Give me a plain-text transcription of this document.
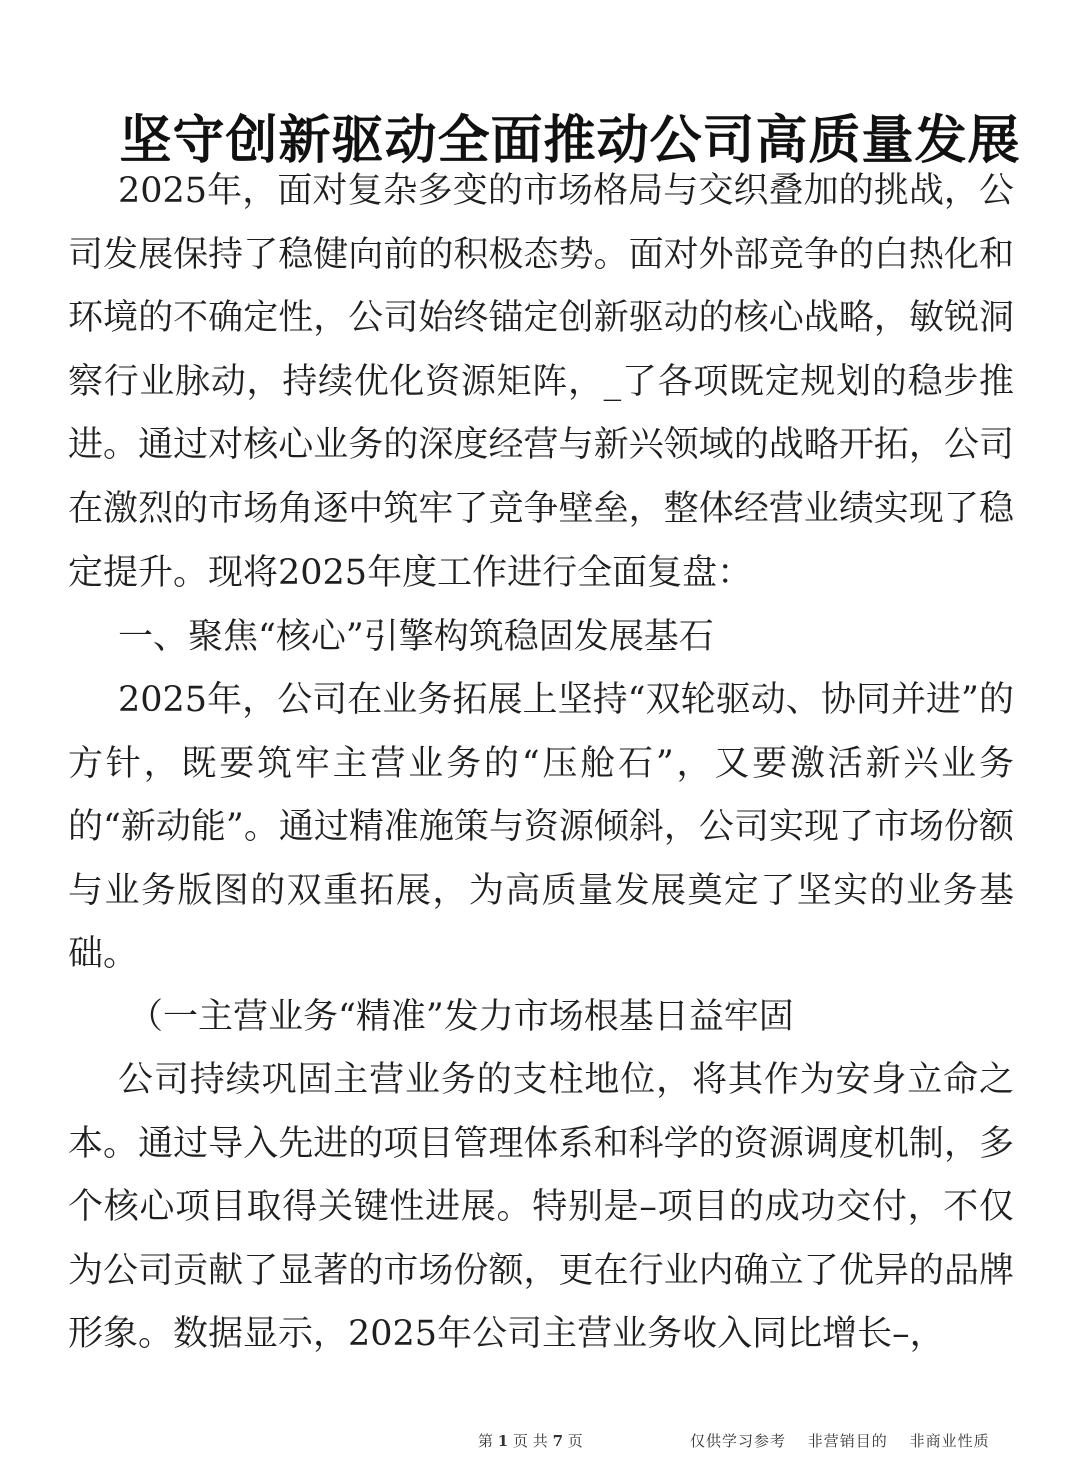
坚守创新驱动全面推动公司高质量发展

2025年，面对复杂多变的市场格局与交织叠加的挑战，公司发展保持了稳健向前的积极态势。面对外部竞争的白热化和环境的不确定性，公司始终锚定创新驱动的核心战略，敏锐洞察行业脉动，持续优化资源矩阵，_了各项既定规划的稳步推进。通过对核心业务的深度经营与新兴领域的战略开拓，公司在激烈的市场角逐中筑牢了竞争壁垒，整体经营业绩实现了稳定提升。现将2025年度工作进行全面复盘：

一、聚焦“核心”引擎构筑稳固发展基石

2025年，公司在业务拓展上坚持“双轮驱动、协同并进”的方针，既要筑牢主营业务的“压舱石”，又要激活新兴业务的“新动能”。通过精准施策与资源倾斜，公司实现了市场份额与业务版图的双重拓展，为高质量发展奠定了坚实的业务基础。

（一主营业务“精准”发力市场根基日益牢固

公司持续巩固主营业务的支柱地位，将其作为安身立命之本。通过导入先进的项目管理体系和科学的资源调度机制，多个核心项目取得关键性进展。特别是–项目的成功交付，不仅为公司贡献了显著的市场份额，更在行业内确立了优异的品牌形象。数据显示，2025年公司主营业务收入同比增长–，

第 1 页 共 7 页	仅供学习参考 非营销目的 非商业性质
